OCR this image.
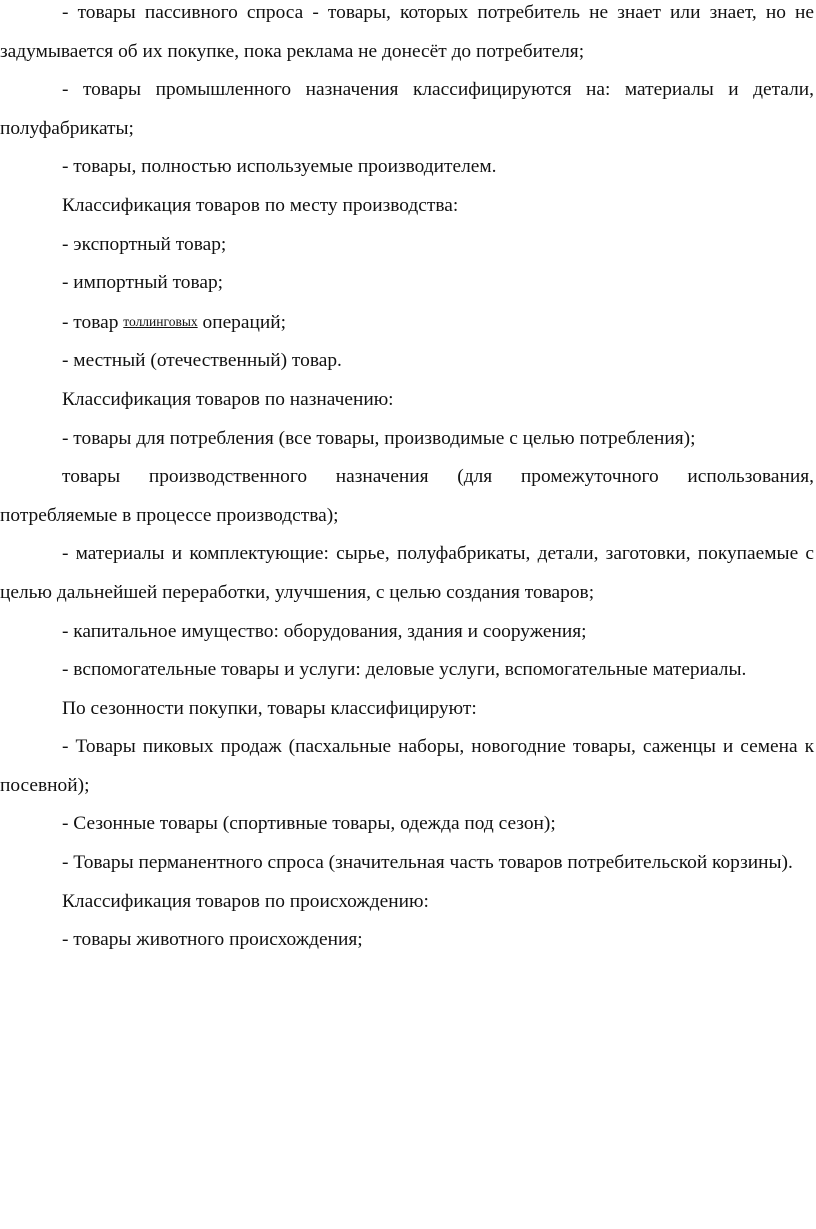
- товары пассивного спроса - товары, которых потребитель не знает или знает, но не задумывается об их покупке, пока реклама не донесёт до потребителя;

- товары промышленного назначения классифицируются на: материалы и детали, полуфабрикаты;

- товары, полностью используемые производителем.

Классификация товаров по месту производства:

- экспортный товар;

- импортный товар;

- товар толлинговых операций;

- местный (отечественный) товар.

Классификация товаров по назначению:

- товары для потребления (все товары, производимые с целью потребления);

товары производственного назначения (для промежуточного использования, потребляемые в процессе производства);

- материалы и комплектующие: сырье, полуфабрикаты, детали, заготовки, покупаемые с целью дальнейшей переработки, улучшения, с целью создания товаров;

- капитальное имущество: оборудования, здания и сооружения;

- вспомогательные товары и услуги: деловые услуги, вспомогательные материалы.

По сезонности покупки, товары классифицируют:

- Товары пиковых продаж (пасхальные наборы, новогодние товары, саженцы и семена к посевной);

- Сезонные товары (спортивные товары, одежда под сезон);

- Товары перманентного спроса (значительная часть товаров потребительской корзины).

Классификация товаров по происхождению:

- товары животного происхождения;
